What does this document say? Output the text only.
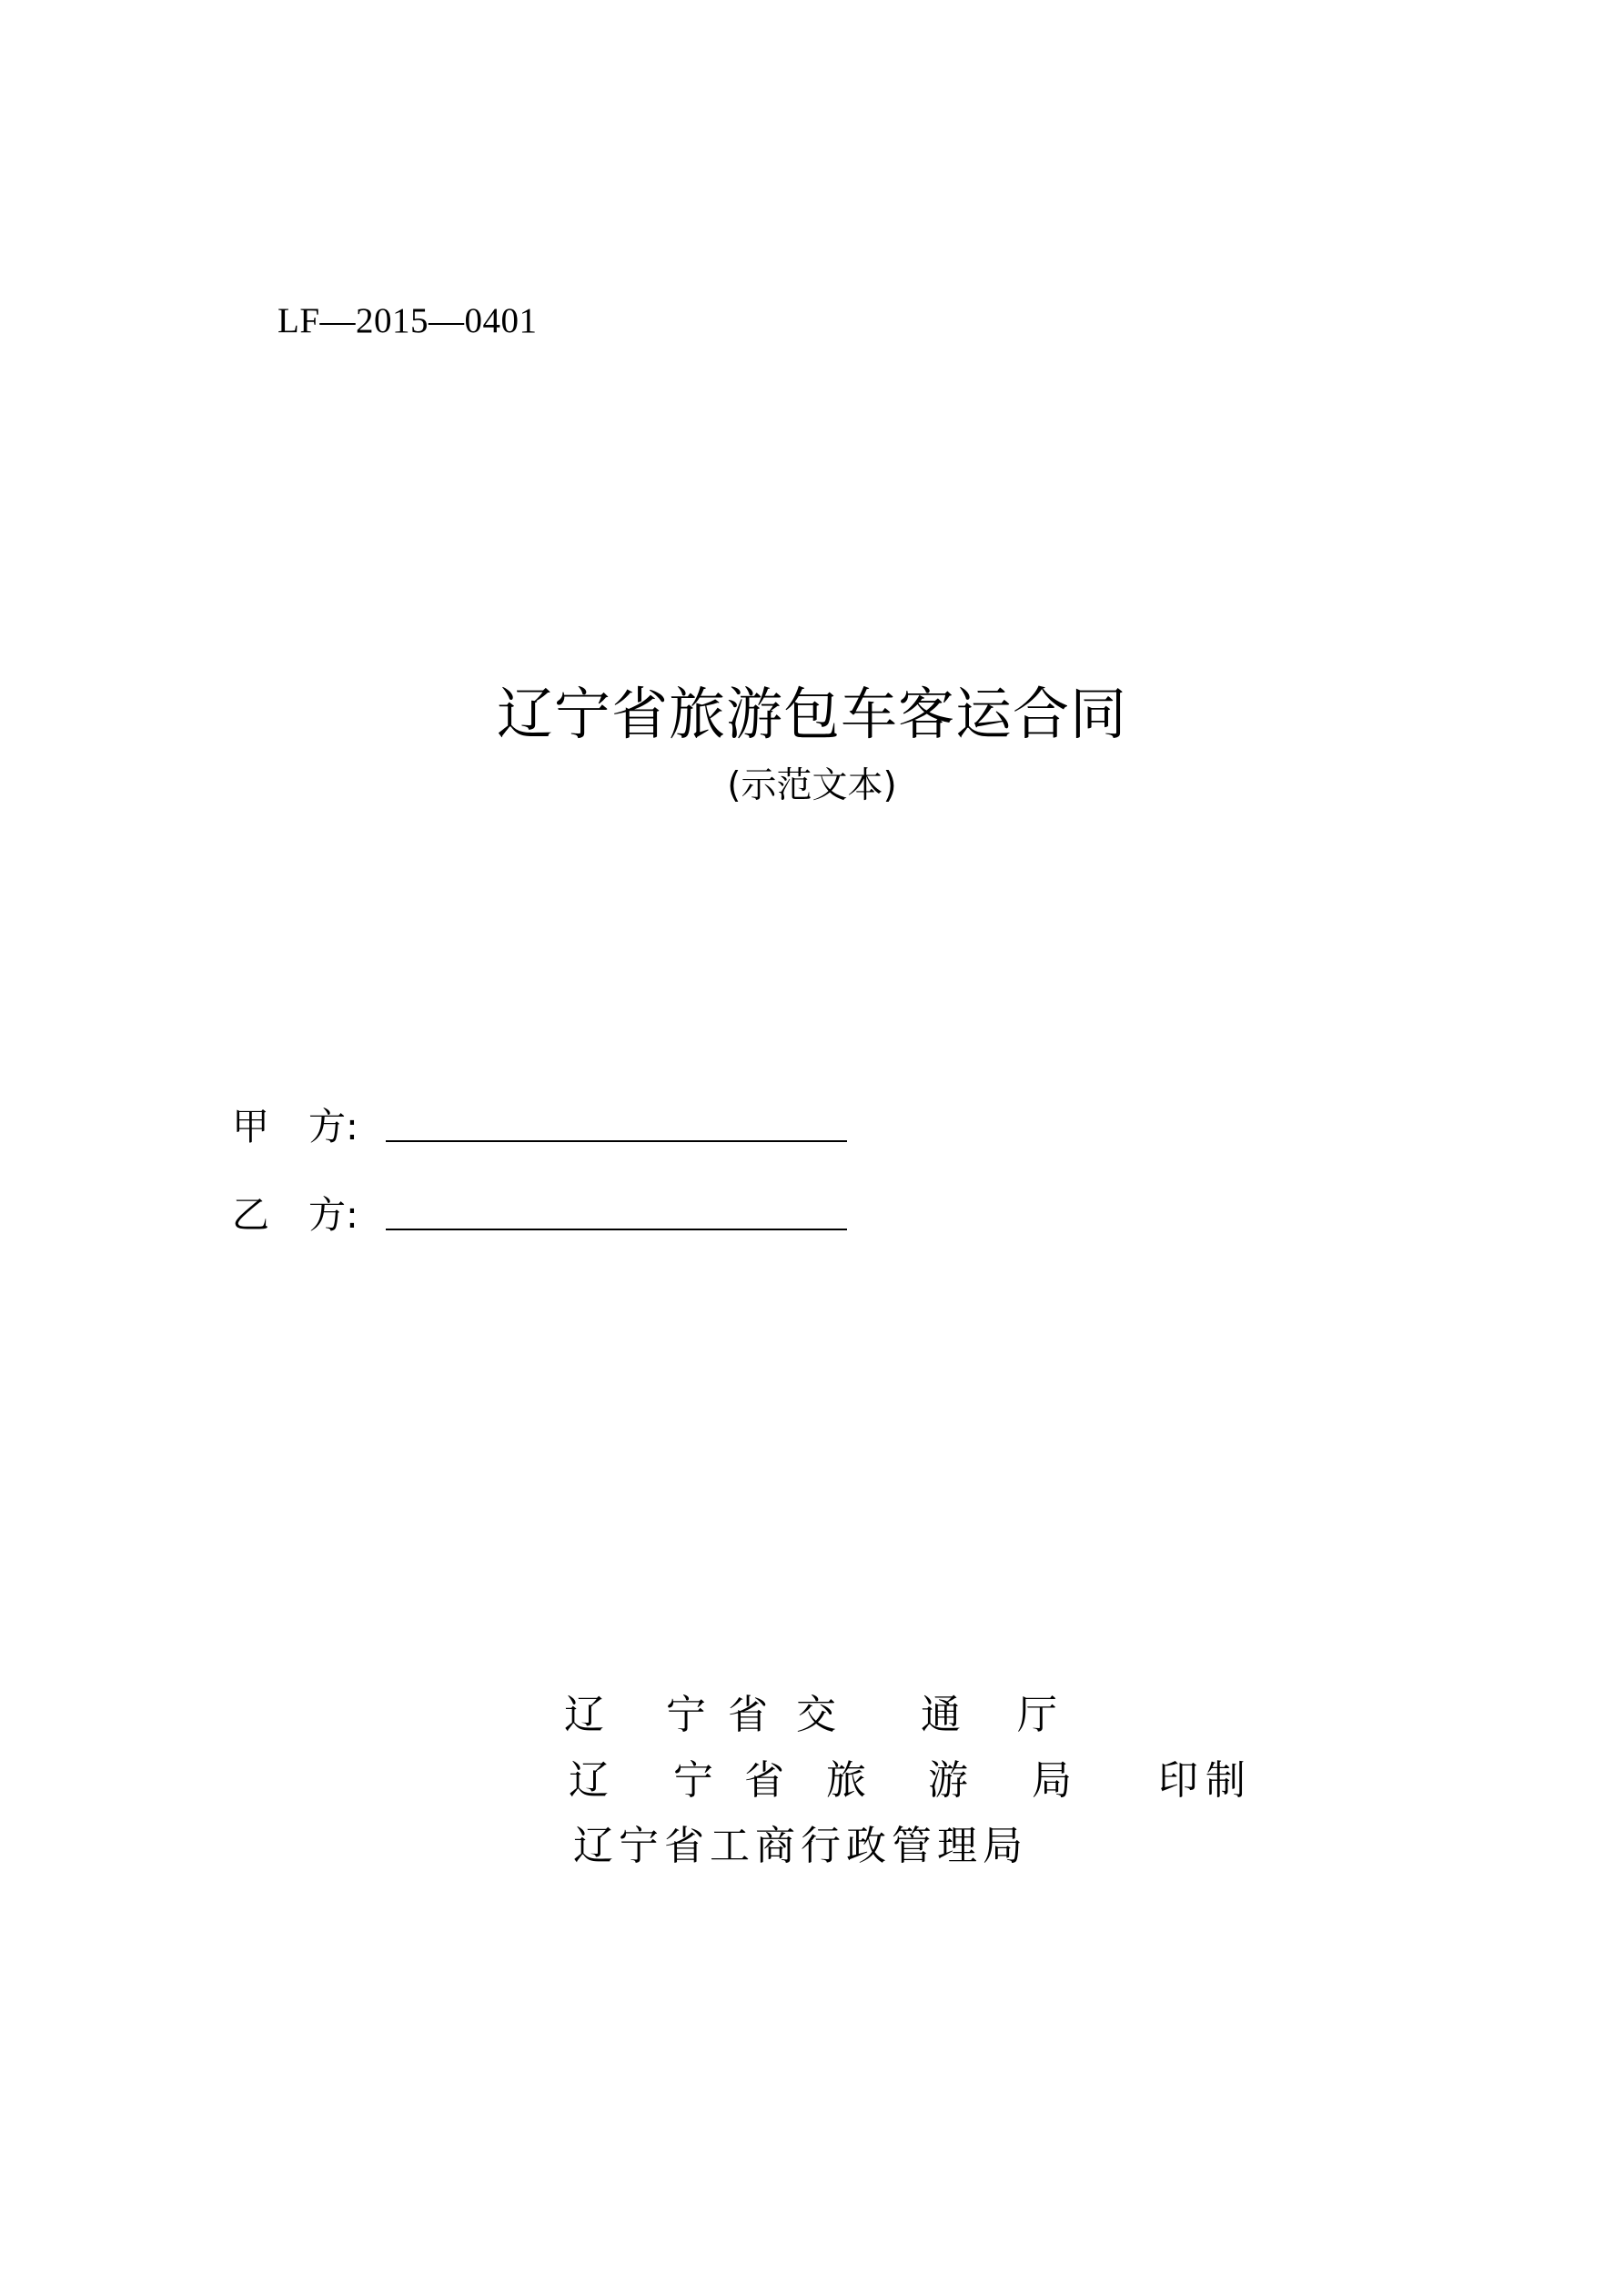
LF—2015—0401
辽宁省旅游包车客运合同
(示范文本)
甲 方:
乙 方:

辽

宁

省

交

通

厅

辽

宁

省

旅

游

局

印制

辽宁省工商行政管理局
